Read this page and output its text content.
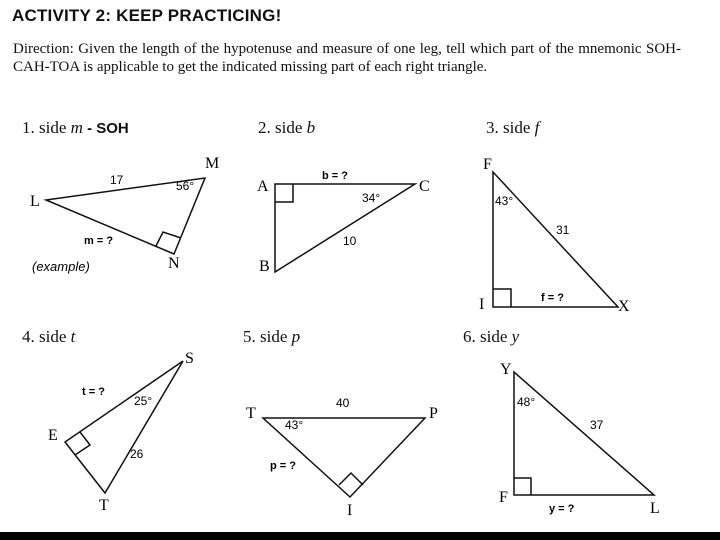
ACTIVITY 2: KEEP PRACTICING!
Direction: Given the length of the hypotenuse and measure of one leg, tell which part of the mnemonic SOH-CAH-TOA is applicable to get the indicated missing part of each right triangle.
1. side m - SOH	2. side b	3. side f
4. side t	5. side p	6. side y
L
M
N
17	56°
m = ?
(example)
A	C
B
b = ?
34°
10
F
I	X
43°
31
f = ?
S
E
T
t = ?
25°
26
T	P
I
40
43°
p = ?
Y
F
L
48°
37
y = ?
